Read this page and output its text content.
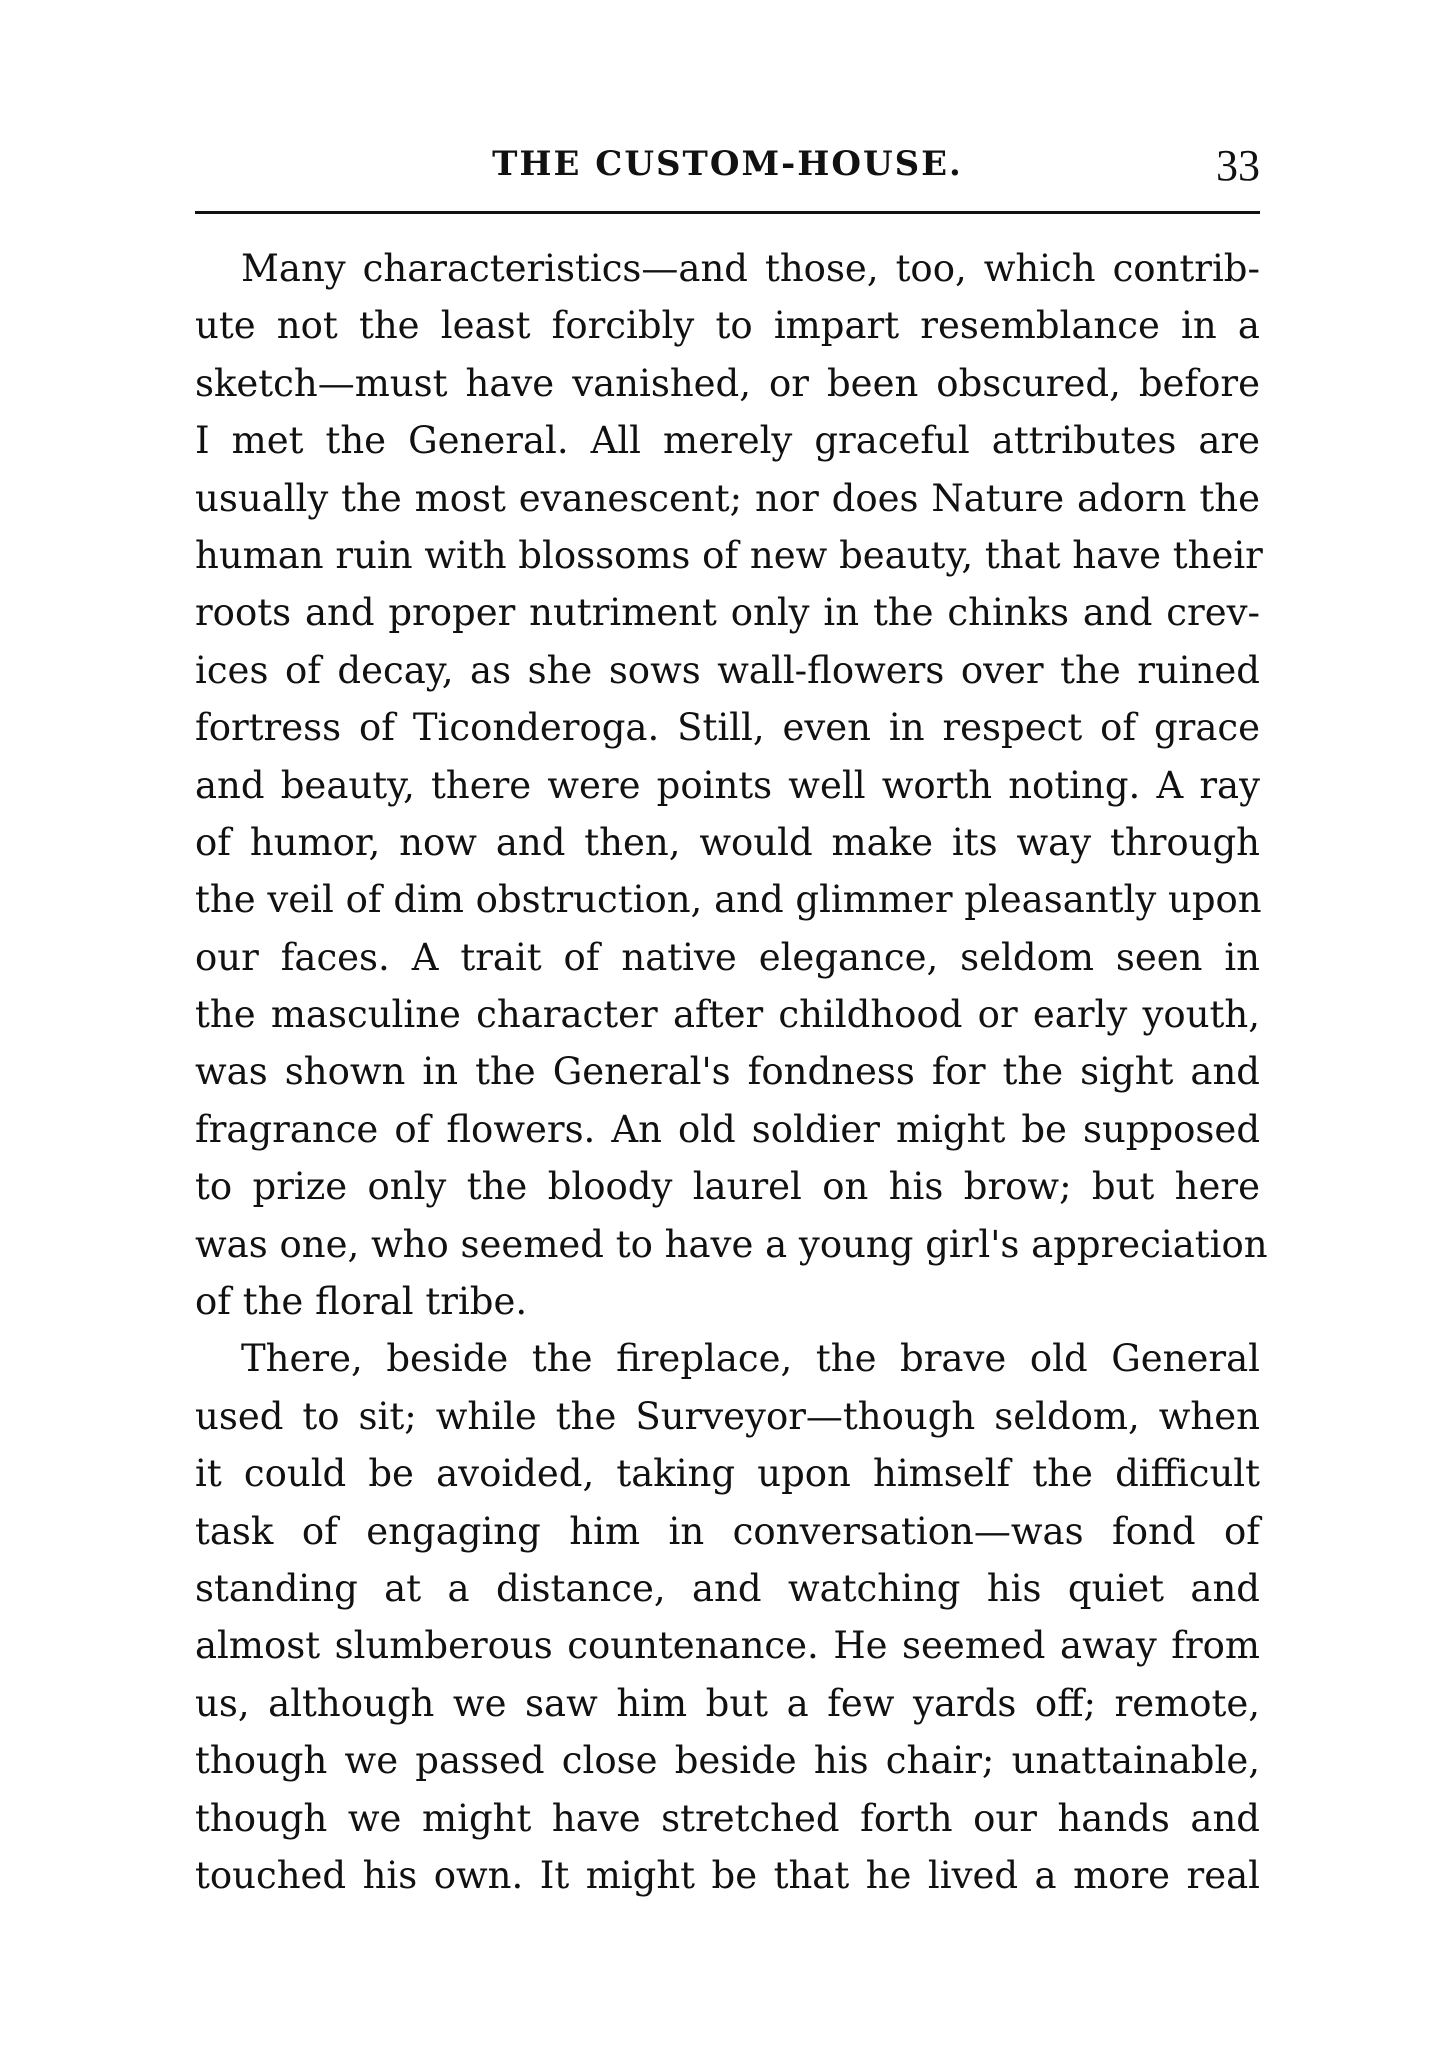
THE CUSTOM-HOUSE.	33
Many characteristics—and those, too, which contrib-
ute not the least forcibly to impart resemblance in a
sketch—must have vanished, or been obscured, before
I met the General. All merely graceful attributes are
usually the most evanescent; nor does Nature adorn the
human ruin with blossoms of new beauty, that have their
roots and proper nutriment only in the chinks and crev-
ices of decay, as she sows wall-flowers over the ruined
fortress of Ticonderoga. Still, even in respect of grace
and beauty, there were points well worth noting. A ray
of humor, now and then, would make its way through
the veil of dim obstruction, and glimmer pleasantly upon
our faces. A trait of native elegance, seldom seen in
the masculine character after childhood or early youth,
was shown in the General's fondness for the sight and
fragrance of flowers. An old soldier might be supposed
to prize only the bloody laurel on his brow; but here
was one, who seemed to have a young girl's appreciation
of the floral tribe.
There, beside the fireplace, the brave old General
used to sit; while the Surveyor—though seldom, when
it could be avoided, taking upon himself the difficult
task of engaging him in conversation—was fond of
standing at a distance, and watching his quiet and
almost slumberous countenance. He seemed away from
us, although we saw him but a few yards off; remote,
though we passed close beside his chair; unattainable,
though we might have stretched forth our hands and
touched his own. It might be that he lived a more real
